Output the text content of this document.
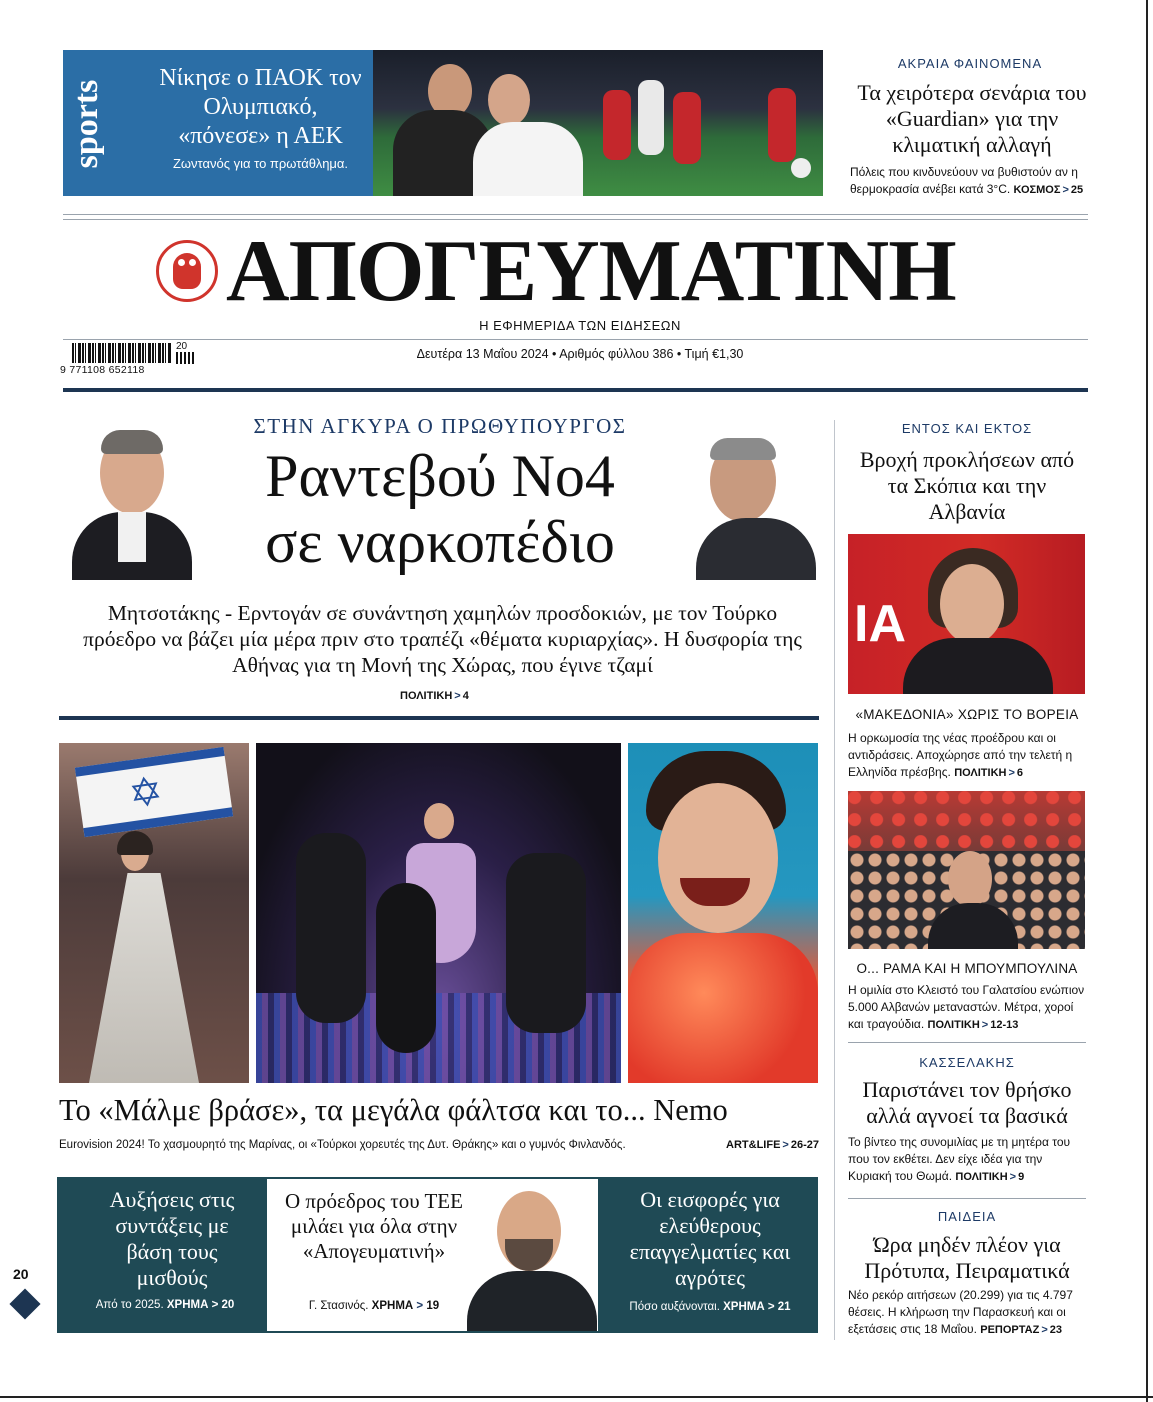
sports
Νίκησε ο ΠΑΟΚ τον Ολυμπιακό, «πόνεσε» η ΑΕΚ
Ζωντανός για το πρωτάθλημα.
ΑΚΡΑΙΑ ΦΑΙΝΟΜΕΝΑ
Τα χειρότερα σενάρια του «Guardian» για την κλιματική αλλαγή
Πόλεις που κινδυνεύουν να βυθιστούν αν η θερμοκρασία ανέβει κατά 3°C. ΚΟΣΜΟΣ > 25
ΑΠΟΓΕΥΜΑΤΙΝΗ
Η ΕΦΗΜΕΡΙΔΑ ΤΩΝ ΕΙΔΗΣΕΩΝ
20
9 771108 652118
Δευτέρα 13 Μαΐου 2024 • Αριθμός φύλλου 386 • Τιμή €1,30
ΣΤΗΝ ΑΓΚΥΡΑ Ο ΠΡΩΘΥΠΟΥΡΓΟΣ
Ραντεβού Νο4
σε ναρκοπέδιο
Μητσοτάκης - Ερντογάν σε συνάντηση χαμηλών προσδοκιών, με τον Τούρκο πρόεδρο να βάζει μία μέρα πριν στο τραπέζι «θέματα κυριαρχίας». Η δυσφορία της Αθήνας για τη Μονή της Χώρας, που έγινε τζαμί
ΠΟΛΙΤΙΚΗ > 4
✡
Το «Μάλμε βράσε», τα μεγάλα φάλτσα και το... Nemo
Eurovision 2024! Το χασμουρητό της Μαρίνας, οι «Τούρκοι χορευτές της Δυτ. Θράκης» και ο γυμνός Φινλανδός.	ART&LIFE > 26-27
Αυξήσεις στις συντάξεις με βάση τους μισθούς
Από το 2025. ΧΡΗΜΑ > 20
Ο πρόεδρος του ΤΕΕ μιλάει για όλα στην «Απογευματινή»
Γ. Στασινός. ΧΡΗΜΑ > 19
Οι εισφορές για ελεύθερους επαγγελματίες και αγρότες
Πόσο αυξάνονται. ΧΡΗΜΑ > 21
20
ΕΝΤΟΣ ΚΑΙ ΕΚΤΟΣ
Βροχή προκλήσεων από τα Σκόπια και την Αλβανία
ΙΑ
«ΜΑΚΕΔΟΝΙΑ» ΧΩΡΙΣ ΤΟ ΒΟΡΕΙΑ
Η ορκωμοσία της νέας προέδρου και οι αντιδράσεις. Αποχώρησε από την τελετή η Ελληνίδα πρέσβης. ΠΟΛΙΤΙΚΗ > 6
Ο... ΡΑΜΑ ΚΑΙ Η ΜΠΟΥΜΠΟΥΛΙΝΑ
Η ομιλία στο Κλειστό του Γαλατσίου ενώπιον 5.000 Αλβανών μεταναστών. Μέτρα, χοροί και τραγούδια. ΠΟΛΙΤΙΚΗ > 12-13
ΚΑΣΣΕΛΑΚΗΣ
Παριστάνει τον θρήσκο αλλά αγνοεί τα βασικά
Το βίντεο της συνομιλίας με τη μητέρα του που τον εκθέτει. Δεν είχε ιδέα για την Κυριακή του Θωμά. ΠΟΛΙΤΙΚΗ > 9
ΠΑΙΔΕΙΑ
Ώρα μηδέν πλέον για Πρότυπα, Πειραματικά
Νέο ρεκόρ αιτήσεων (20.299) για τις 4.797 θέσεις. Η κλήρωση την Παρασκευή και οι εξετάσεις στις 18 Μαΐου. ΡΕΠΟΡΤΑΖ > 23
